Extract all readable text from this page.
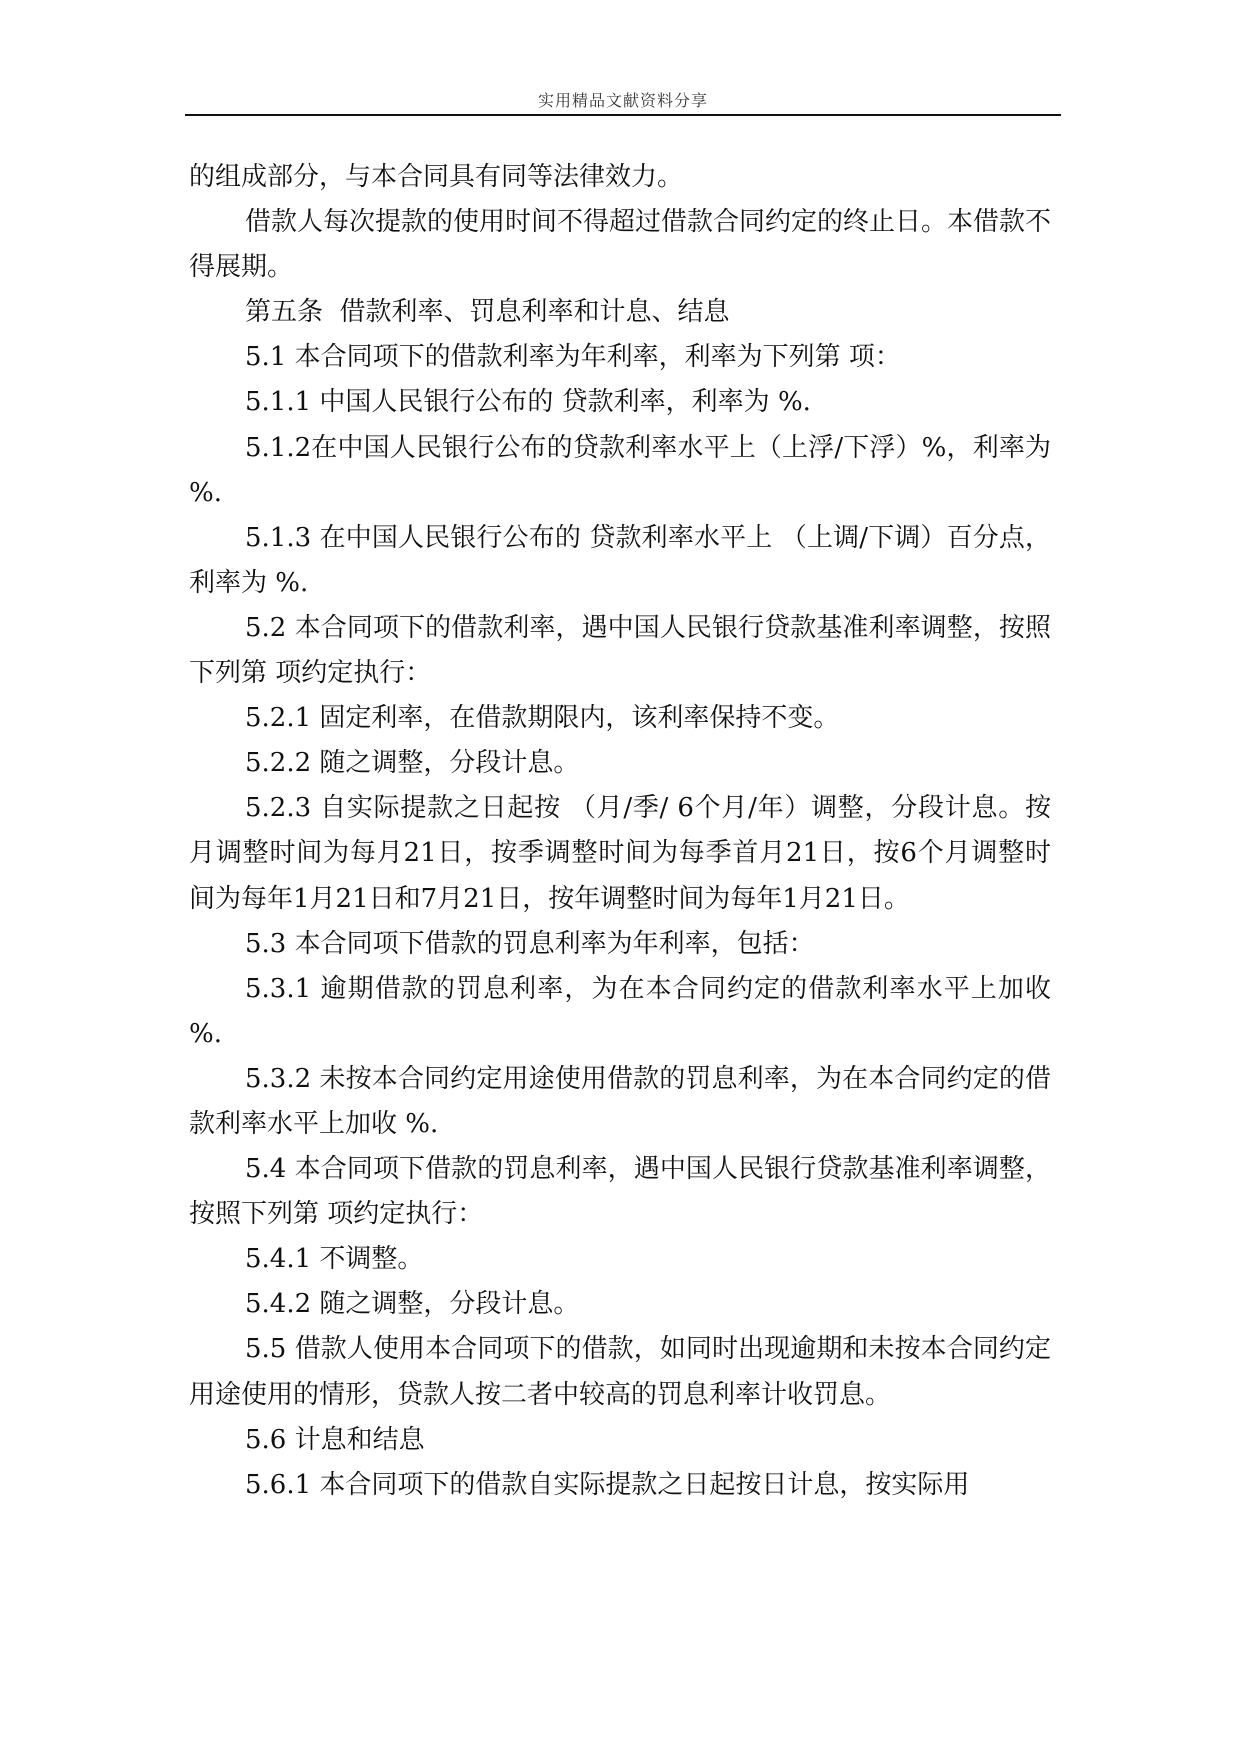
实用精品文献资料分享

的组成部分，与本合同具有同等法律效力。

借款人每次提款的使用时间不得超过借款合同约定的终止日。本借款不得展期。

第五条  借款利率、罚息利率和计息、结息

5.1 本合同项下的借款利率为年利率，利率为下列第 项：

5.1.1 中国人民银行公布的 贷款利率，利率为 %.

5.1.2在中国人民银行公布的贷款利率水平上（上浮/下浮）%，利率为 %.

5.1.3 在中国人民银行公布的 贷款利率水平上 （上调/下调）百分点，利率为 %.

5.2 本合同项下的借款利率，遇中国人民银行贷款基准利率调整，按照下列第 项约定执行：

5.2.1 固定利率，在借款期限内，该利率保持不变。

5.2.2 随之调整，分段计息。

5.2.3 自实际提款之日起按 （月/季/ 6个月/年）调整，分段计息。按月调整时间为每月21日，按季调整时间为每季首月21日，按6个月调整时间为每年1月21日和7月21日，按年调整时间为每年1月21日。

5.3 本合同项下借款的罚息利率为年利率，包括：

5.3.1 逾期借款的罚息利率，为在本合同约定的借款利率水平上加收 %.

5.3.2 未按本合同约定用途使用借款的罚息利率，为在本合同约定的借款利率水平上加收 %.

5.4 本合同项下借款的罚息利率，遇中国人民银行贷款基准利率调整，按照下列第 项约定执行：

5.4.1 不调整。

5.4.2 随之调整，分段计息。

5.5 借款人使用本合同项下的借款，如同时出现逾期和未按本合同约定用途使用的情形，贷款人按二者中较高的罚息利率计收罚息。

5.6 计息和结息

5.6.1 本合同项下的借款自实际提款之日起按日计息，按实际用
